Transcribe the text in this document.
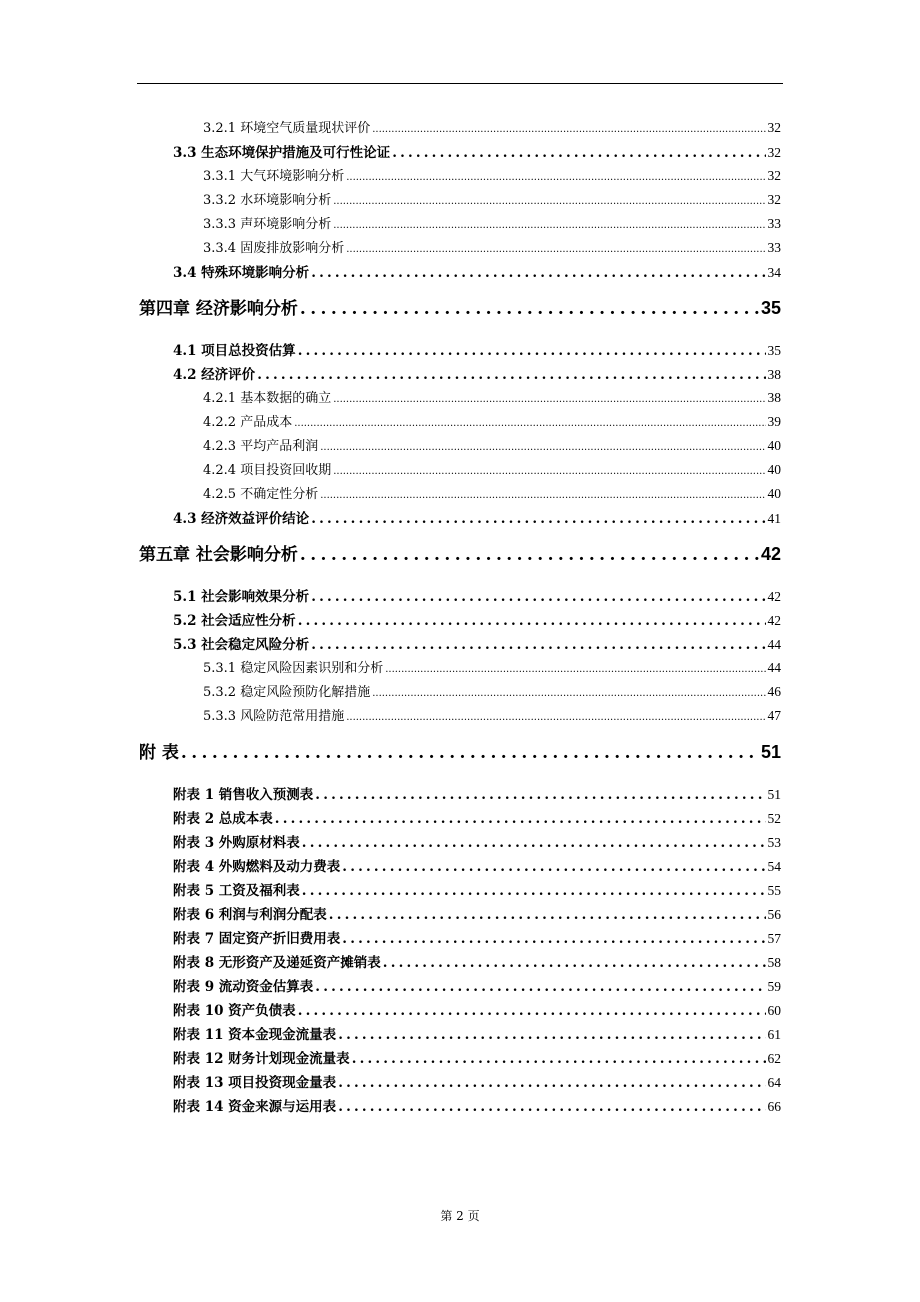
3.2.1 环境空气质量现状评价 .....	32
3.3 生态环境保护措施及可行性论证 .....	32
3.3.1 大气环境影响分析 .....	32
3.3.2 水环境影响分析 .....	32
3.3.3 声环境影响分析 .....	33
3.3.4 固废排放影响分析 .....	33
3.4 特殊环境影响分析 .....	34
第四章 经济影响分析 .....	35
4.1 项目总投资估算 .....	35
4.2 经济评价 .....	38
4.2.1 基本数据的确立 .....	38
4.2.2 产品成本 .....	39
4.2.3 平均产品利润 .....	40
4.2.4 项目投资回收期 .....	40
4.2.5 不确定性分析 .....	40
4.3 经济效益评价结论 .....	41
第五章 社会影响分析 .....	42
5.1 社会影响效果分析 .....	42
5.2 社会适应性分析 .....	42
5.3 社会稳定风险分析 .....	44
5.3.1 稳定风险因素识别和分析 .....	44
5.3.2 稳定风险预防化解措施 .....	46
5.3.3 风险防范常用措施 .....	47
附 表 .....	51
附表 1 销售收入预测表 .....	51
附表 2 总成本表 .....	52
附表 3 外购原材料表 .....	53
附表 4 外购燃料及动力费表 .....	54
附表 5 工资及福利表 .....	55
附表 6 利润与利润分配表 .....	56
附表 7 固定资产折旧费用表 .....	57
附表 8 无形资产及递延资产摊销表 .....	58
附表 9 流动资金估算表 .....	59
附表 10 资产负债表 .....	60
附表 11 资本金现金流量表 .....	61
附表 12 财务计划现金流量表 .....	62
附表 13 项目投资现金量表 .....	64
附表 14 资金来源与运用表 .....	66
第 2 页
